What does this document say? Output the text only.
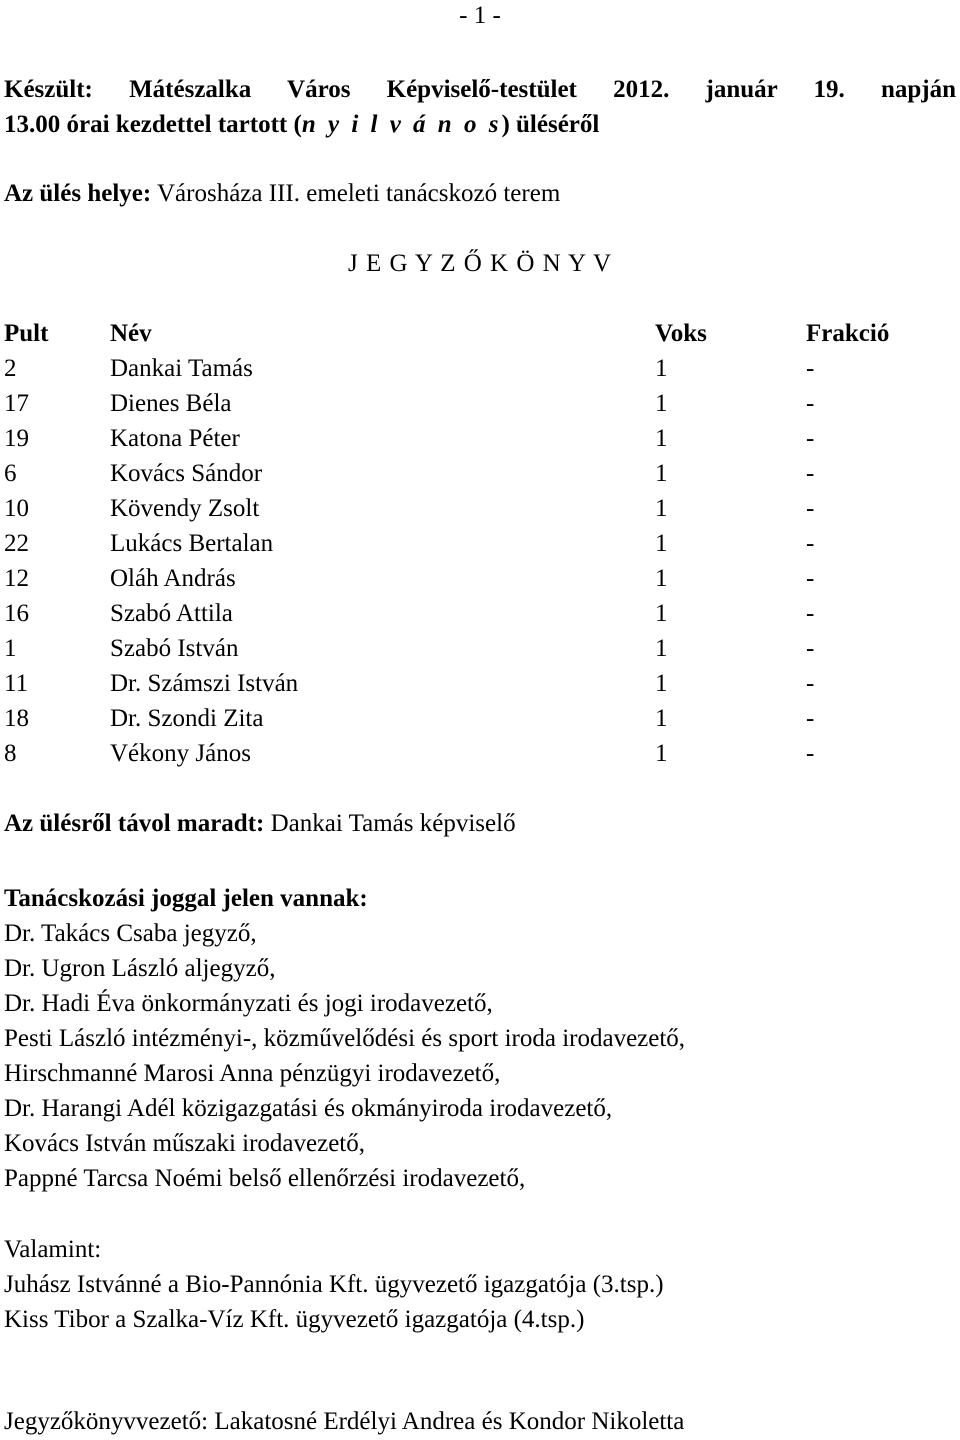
- 1 -
Készült: Mátészalka Város Képviselő-testület 2012. január 19. napján
13.00 órai kezdettel tartott (n y i l v á n o s) üléséről
Az ülés helye: Városháza III. emeleti tanácskozó terem
J E G Y Z Ő K Ö N Y V
Pult Név	Voks	Frakció
2	Dankai Tamás	1	-
17	Dienes Béla	1	-
19	Katona Péter	1	-
6	Kovács Sándor	1	-
10	Kövendy Zsolt	1	-
22	Lukács Bertalan	1	-
12	Oláh András	1	-
16	Szabó Attila	1	-
1	Szabó István	1	-
11	Dr. Számszi István	1	-
18	Dr. Szondi Zita	1	-
8	Vékony János	1	-
Az ülésről távol maradt: Dankai Tamás képviselő
Tanácskozási joggal jelen vannak:
Dr. Takács Csaba jegyző,
Dr. Ugron László aljegyző,
Dr. Hadi Éva önkormányzati és jogi irodavezető,
Pesti László intézményi-, közművelődési és sport iroda irodavezető,
Hirschmanné Marosi Anna pénzügyi irodavezető,
Dr. Harangi Adél közigazgatási és okmányiroda irodavezető,
Kovács István műszaki irodavezető,
Pappné Tarcsa Noémi belső ellenőrzési irodavezető,
Valamint:
Juhász Istvánné a Bio-Pannónia Kft. ügyvezető igazgatója (3.tsp.)
Kiss Tibor a Szalka-Víz Kft. ügyvezető igazgatója (4.tsp.)
Jegyzőkönyvvezető: Lakatosné Erdélyi Andrea és Kondor Nikoletta
